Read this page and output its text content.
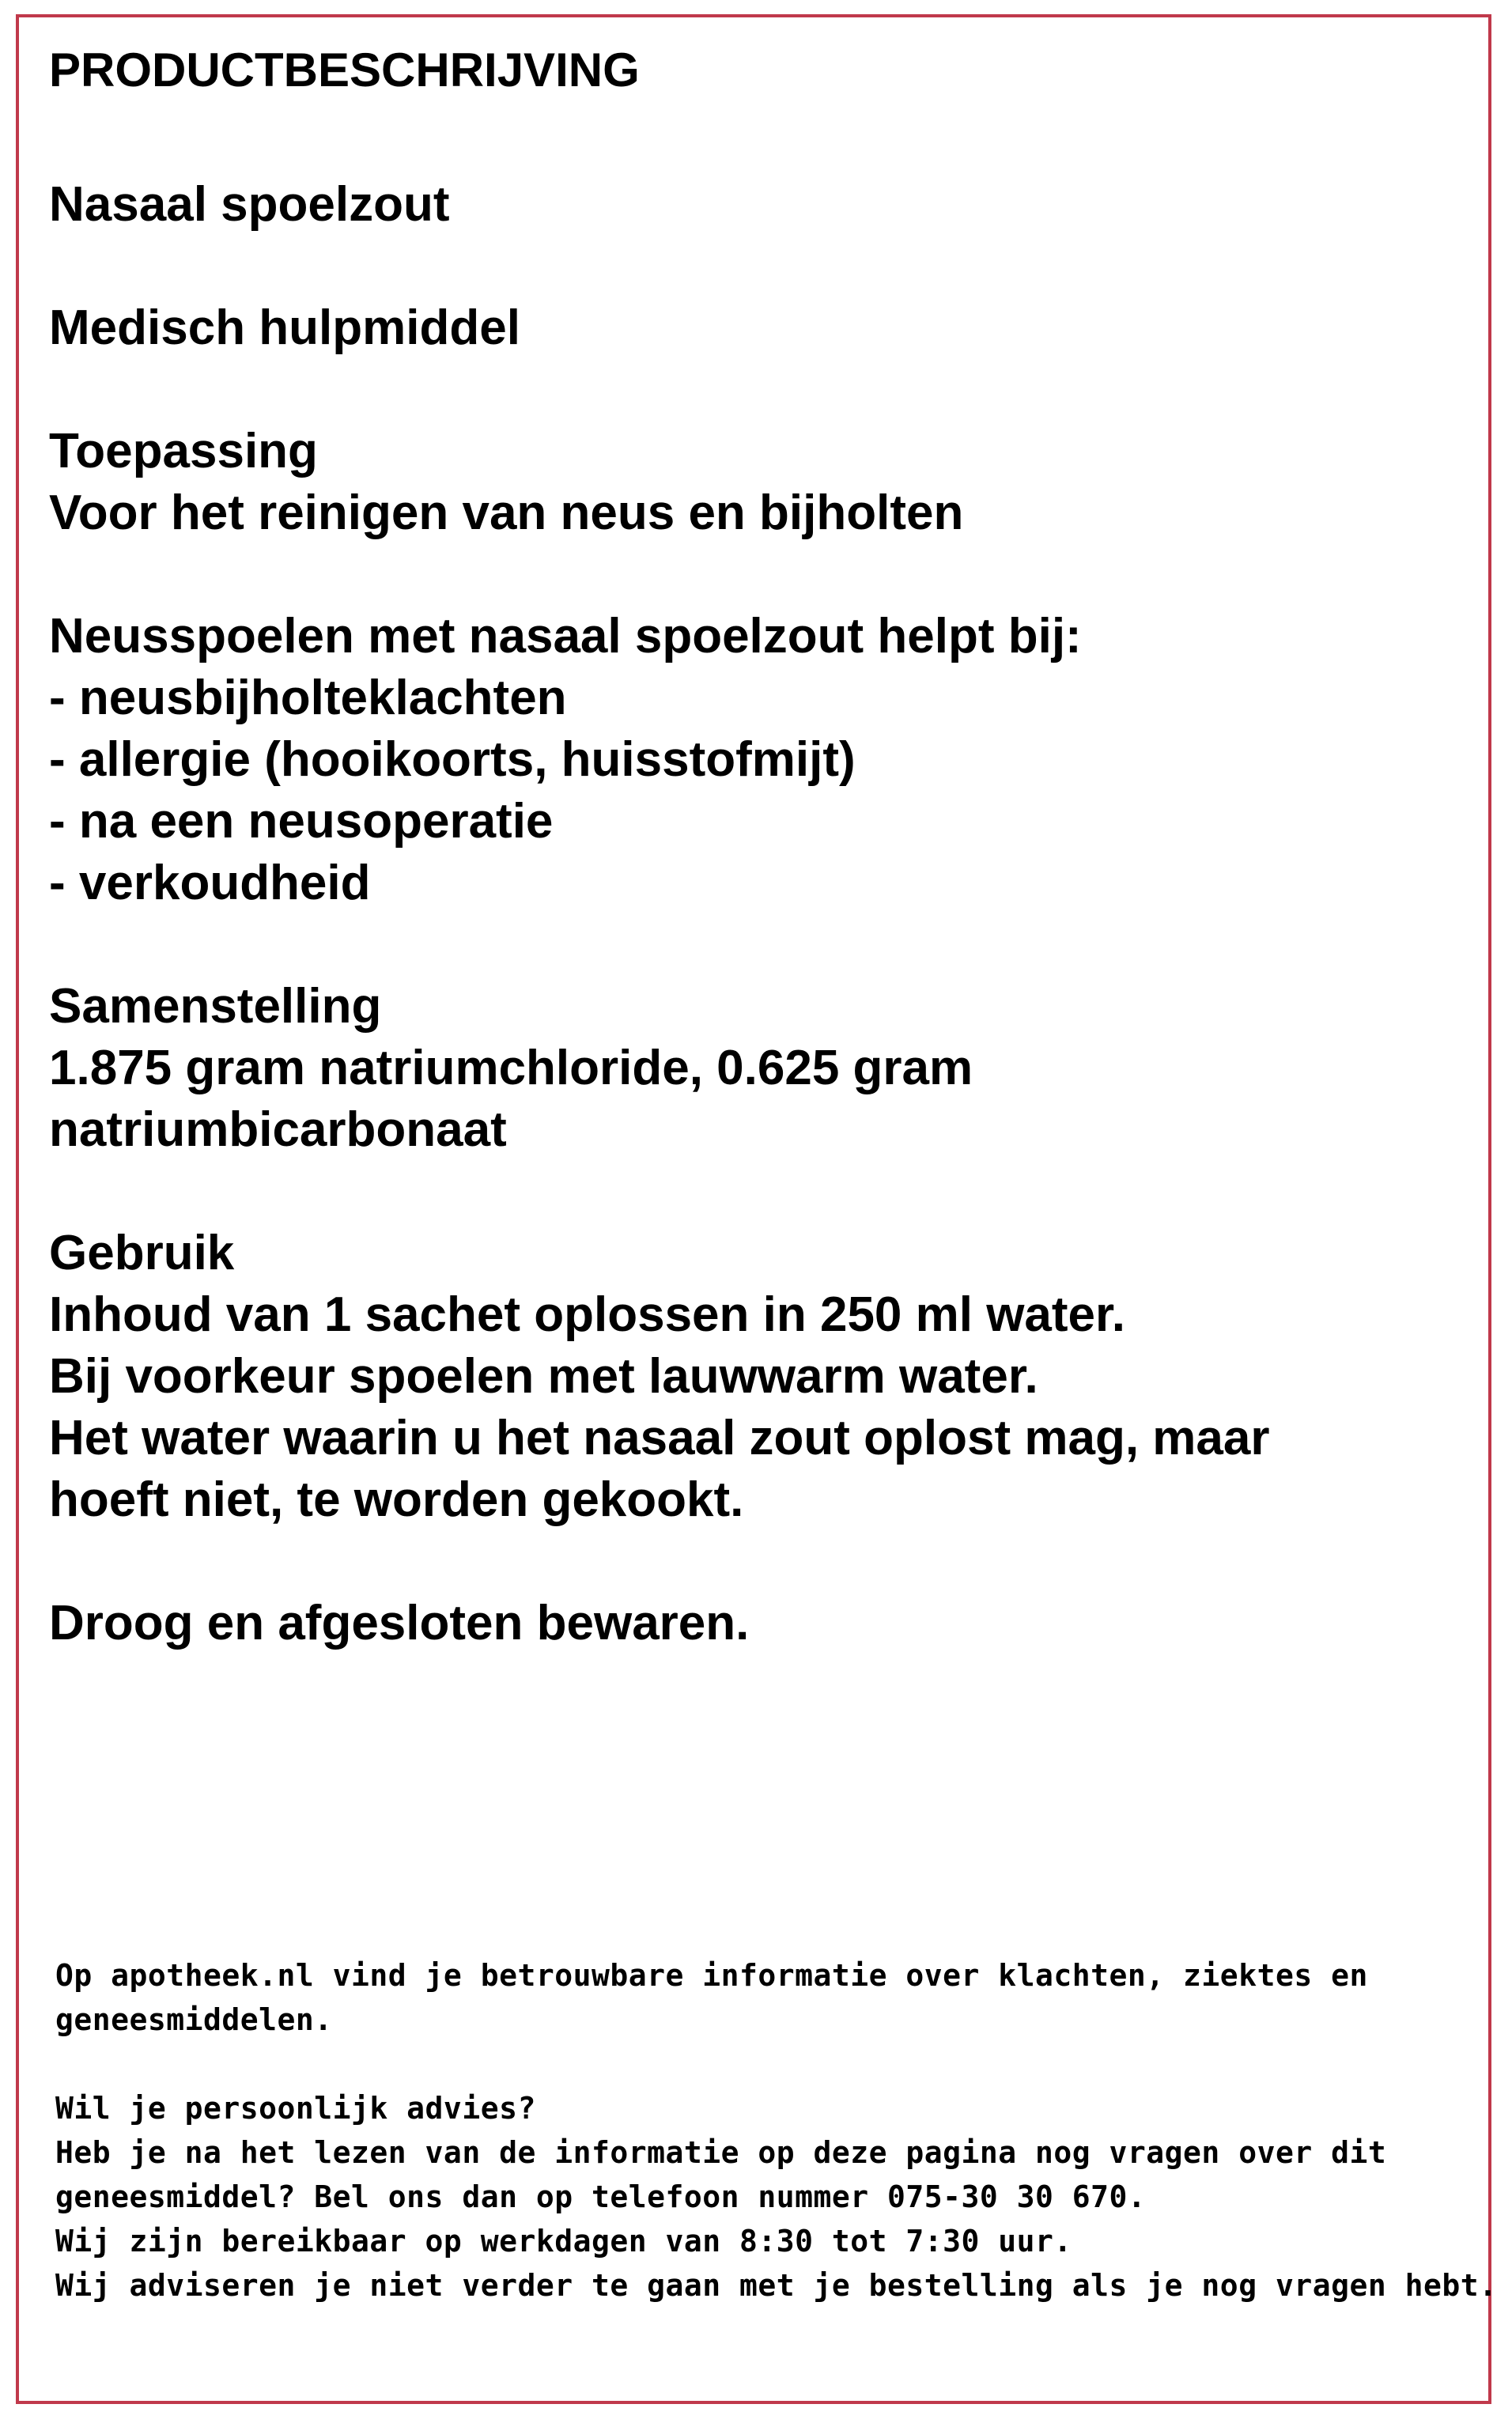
PRODUCTBESCHRIJVING

Nasaal spoelzout

Medisch hulpmiddel

Toepassing

Voor het reinigen van neus en bijholten

Neusspoelen met nasaal spoelzout helpt bij:

- neusbijholteklachten

- allergie (hooikoorts, huisstofmijt)

- na een neusoperatie

- verkoudheid

Samenstelling

1.875 gram natriumchloride, 0.625 gram

natriumbicarbonaat

Gebruik

Inhoud van 1 sachet oplossen in 250 ml water.

Bij voorkeur spoelen met lauwwarm water.

Het water waarin u het nasaal zout oplost mag, maar

hoeft niet, te worden gekookt.

Droog en afgesloten bewaren.

Op apotheek.nl vind je betrouwbare informatie over klachten, ziektes en

geneesmiddelen.

Wil je persoonlijk advies?

Heb je na het lezen van de informatie op deze pagina nog vragen over dit

geneesmiddel? Bel ons dan op telefoon nummer 075-30 30 670.

Wij zijn bereikbaar op werkdagen van 8:30 tot 7:30 uur.

Wij adviseren je niet verder te gaan met je bestelling als je nog vragen hebt.
